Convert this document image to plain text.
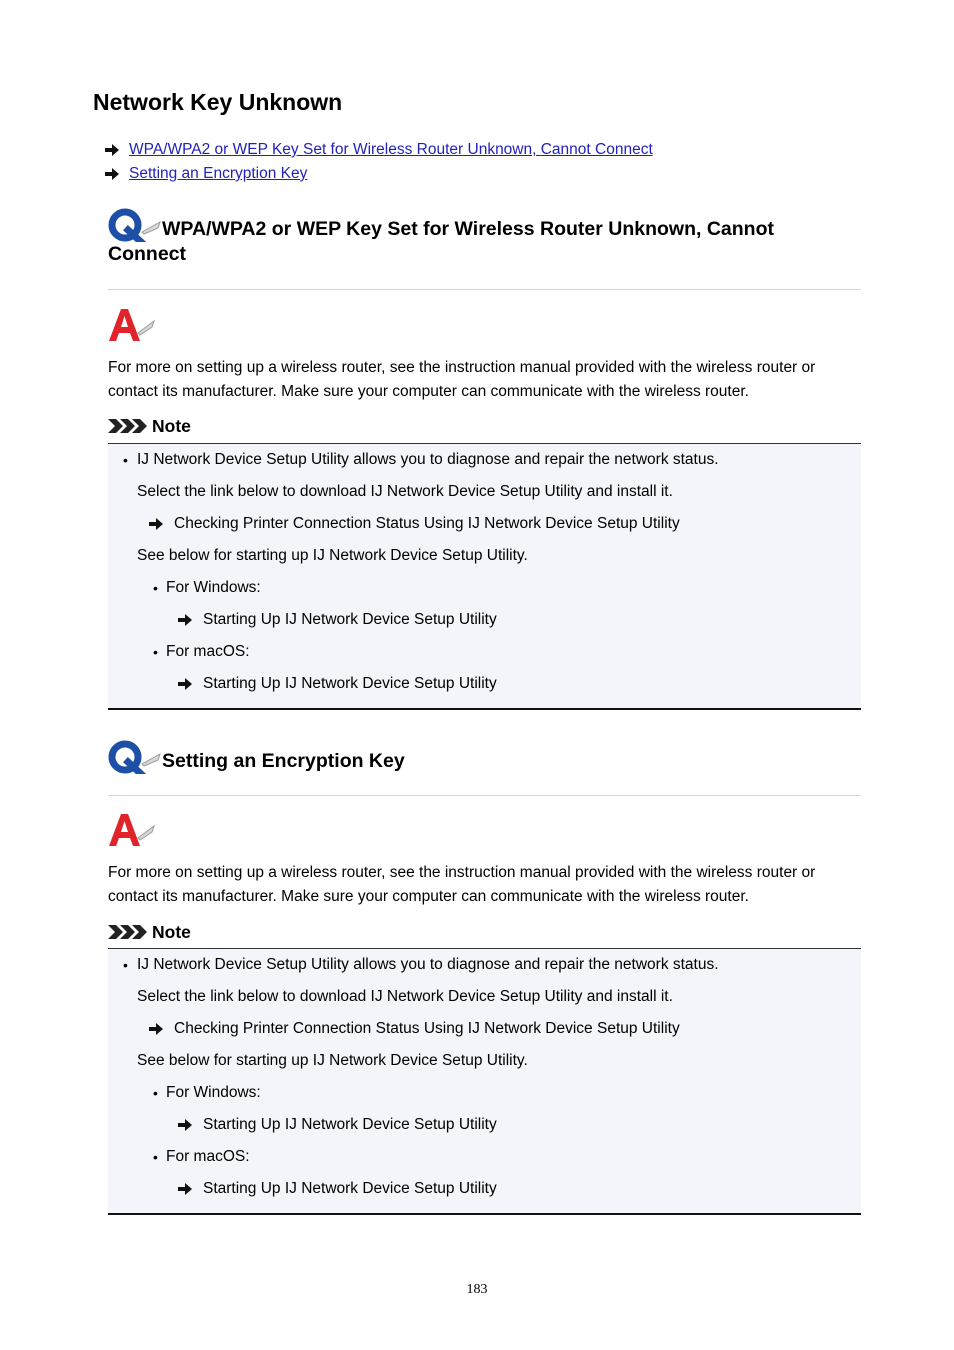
Network Key Unknown
WPA/WPA2 or WEP Key Set for Wireless Router Unknown, Cannot Connect
Setting an Encryption Key
WPA/WPA2 or WEP Key Set for Wireless Router Unknown, Cannot
Connect

For more on setting up a wireless router, see the instruction manual provided with the wireless router or
contact its manufacturer. Make sure your computer can communicate with the wireless router.

Note
• IJ Network Device Setup Utility allows you to diagnose and repair the network status.
Select the link below to download IJ Network Device Setup Utility and install it.
Checking Printer Connection Status Using IJ Network Device Setup Utility
See below for starting up IJ Network Device Setup Utility.
• For Windows:
Starting Up IJ Network Device Setup Utility
• For macOS:
Starting Up IJ Network Device Setup Utility
Setting an Encryption Key

For more on setting up a wireless router, see the instruction manual provided with the wireless router or
contact its manufacturer. Make sure your computer can communicate with the wireless router.

Note
• IJ Network Device Setup Utility allows you to diagnose and repair the network status.
Select the link below to download IJ Network Device Setup Utility and install it.
Checking Printer Connection Status Using IJ Network Device Setup Utility
See below for starting up IJ Network Device Setup Utility.
• For Windows:
Starting Up IJ Network Device Setup Utility
• For macOS:
Starting Up IJ Network Device Setup Utility
183
